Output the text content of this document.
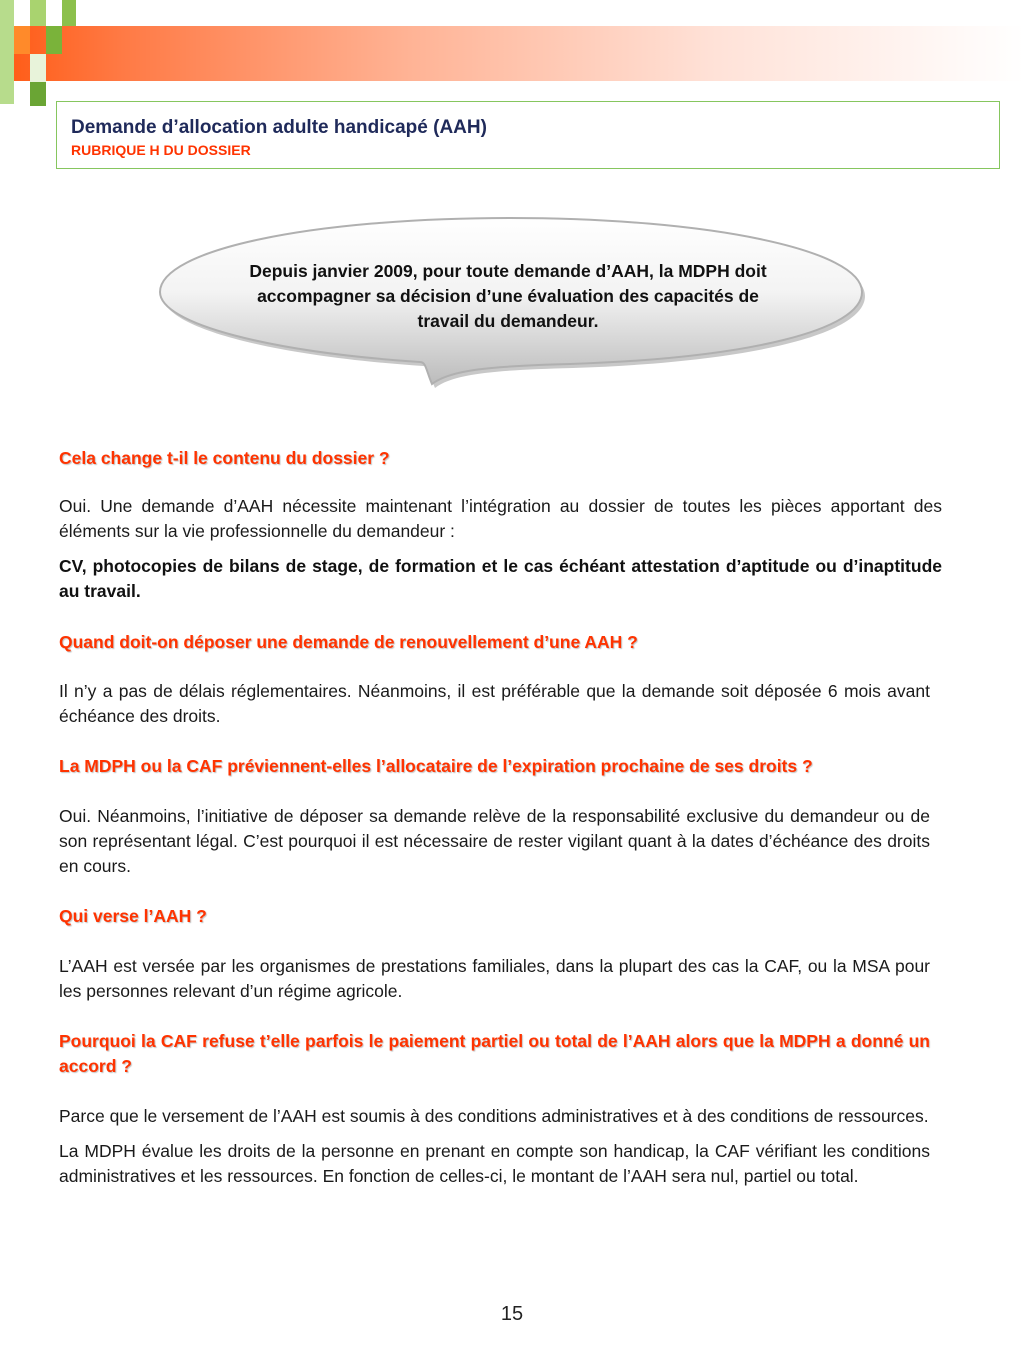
Demande d’allocation adulte handicapé (AAH)
RUBRIQUE H DU DOSSIER
Depuis janvier 2009, pour toute demande d’AAH, la MDPH doit accompagner sa décision d’une évaluation des capacités de travail du demandeur.

Cela change t-il le contenu du dossier ?

Oui. Une demande d’AAH nécessite maintenant l’intégration au dossier de toutes les pièces apportant des éléments sur la vie professionnelle du demandeur :

CV, photocopies de bilans de stage, de formation et le cas échéant attestation d’aptitude ou d’inaptitude au travail.

Quand doit-on déposer une demande de renouvellement d’une AAH ?

Il n’y a pas de délais réglementaires. Néanmoins, il est préférable que la demande soit déposée 6 mois avant échéance des droits.

La MDPH ou la CAF préviennent-elles l’allocataire de l’expiration prochaine de ses droits ?

Oui. Néanmoins, l’initiative de déposer sa demande relève de la responsabilité exclusive du demandeur ou de son représentant légal. C’est pourquoi il est nécessaire de rester vigilant quant à la dates d’échéance des droits en cours.

Qui verse l’AAH ?

L’AAH est versée par les organismes de prestations familiales, dans la plupart des cas la CAF, ou la MSA pour les personnes relevant d’un régime agricole.

Pourquoi la CAF refuse t’elle parfois le paiement partiel ou total de l’AAH alors que la MDPH a donné un accord ?

Parce que le versement de l’AAH est soumis à des conditions administratives et à des conditions de ressources.

La MDPH évalue les droits de la personne en prenant en compte son handicap, la CAF vérifiant les conditions administratives et les ressources. En fonction de celles-ci, le montant de l’AAH sera nul, partiel ou total.

15
